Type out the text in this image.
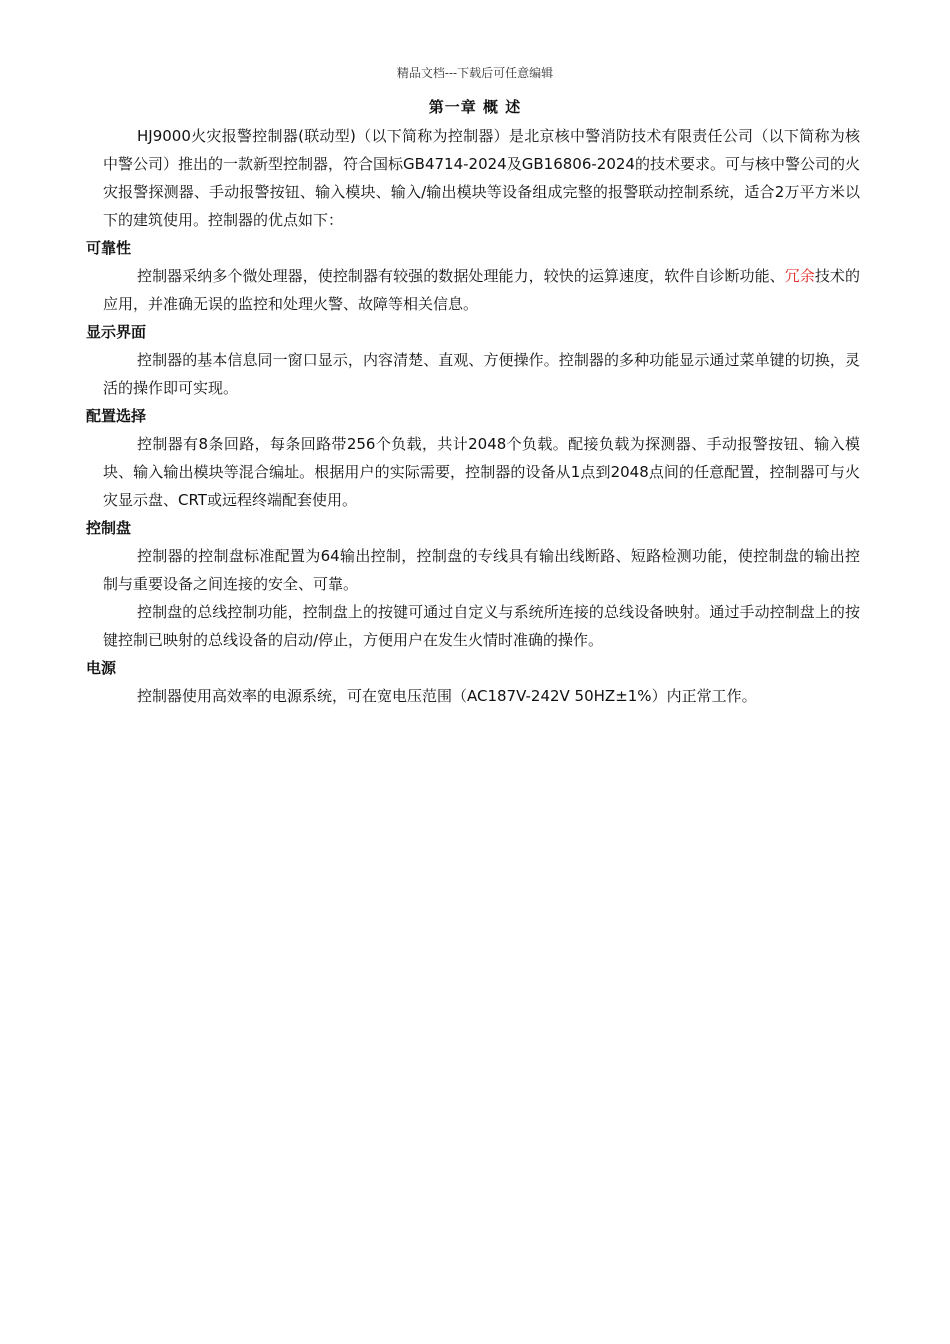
精品文档---下载后可任意编辑
第一章 概 述

HJ9000火灾报警控制器(联动型)（以下简称为控制器）是北京核中警消防技术有限责任公司（以下简称为核中警公司）推出的一款新型控制器，符合国标GB4714-2024及GB16806-2024的技术要求。可与核中警公司的火灾报警探测器、手动报警按钮、输入模块、输入/输出模块等设备组成完整的报警联动控制系统，适合2万平方米以下的建筑使用。控制器的优点如下：

可靠性

控制器采纳多个微处理器，使控制器有较强的数据处理能力，较快的运算速度，软件自诊断功能、冗余技术的应用，并准确无误的监控和处理火警、故障等相关信息。

显示界面

控制器的基本信息同一窗口显示，内容清楚、直观、方便操作。控制器的多种功能显示通过菜单键的切换，灵活的操作即可实现。

配置选择

控制器有8条回路，每条回路带256个负载，共计2048个负载。配接负载为探测器、手动报警按钮、输入模块、输入输出模块等混合编址。根据用户的实际需要，控制器的设备从1点到2048点间的任意配置，控制器可与火灾显示盘、CRT或远程终端配套使用。

控制盘

控制器的控制盘标准配置为64输出控制，控制盘的专线具有输出线断路、短路检测功能，使控制盘的输出控制与重要设备之间连接的安全、可靠。

控制盘的总线控制功能，控制盘上的按键可通过自定义与系统所连接的总线设备映射。通过手动控制盘上的按键控制已映射的总线设备的启动/停止，方便用户在发生火情时准确的操作。

电源

控制器使用高效率的电源系统，可在宽电压范围（AC187V-242V 50HZ±1%）内正常工作。
